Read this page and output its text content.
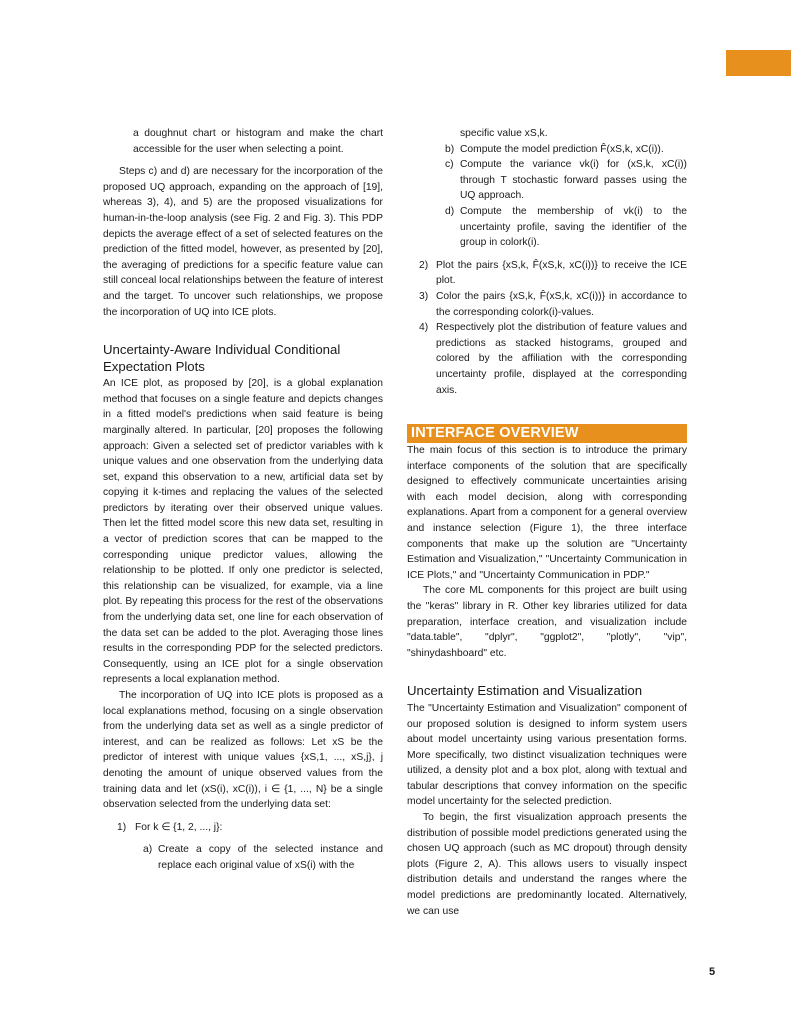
a doughnut chart or histogram and make the chart accessible for the user when selecting a point.

Steps c) and d) are necessary for the incorporation of the proposed UQ approach, expanding on the approach of [19], whereas 3), 4), and 5) are the proposed visualizations for human-in-the-loop analysis (see Fig. 2 and Fig. 3). This PDP depicts the average effect of a set of selected features on the prediction of the fitted model, however, as presented by [20], the averaging of predictions for a specific feature value can still conceal local relationships between the feature of interest and the target. To uncover such relationships, we propose the incorporation of UQ into ICE plots.

Uncertainty-Aware Individual Conditional Expectation Plots

An ICE plot, as proposed by [20], is a global explanation method that focuses on a single feature and depicts changes in a fitted model's predictions when said feature is being marginally altered. In particular, [20] proposes the following approach: Given a selected set of predictor variables with k unique values and one observation from the underlying data set, expand this observation to a new, artificial data set by copying it k-times and replacing the values of the selected predictors by iterating over their observed unique values. Then let the fitted model score this new data set, resulting in a vector of prediction scores that can be mapped to the corresponding unique predictor values, allowing the relationship to be plotted. If only one predictor is selected, this relationship can be visualized, for example, via a line plot. By repeating this process for the rest of the observations from the underlying data set, one line for each observation of the data set can be added to the plot. Averaging those lines results in the corresponding PDP for the selected predictors. Consequently, using an ICE plot for a single observation represents a local explanation method.

The incorporation of UQ into ICE plots is proposed as a local explanations method, focusing on a single observation from the underlying data set as well as a single predictor of interest, and can be realized as follows: Let xS be the predictor of interest with unique values {xS,1, ..., xS,j}, j denoting the amount of unique observed values from the training data and let (xS(i), xC(i)), i ∈ {1, ..., N} be a single observation selected from the underlying data set:

1) For k ∈ {1, 2, ..., j}:
a) Create a copy of the selected instance and replace each original value of xS(i) with the

specific value xS,k.

b) Compute the model prediction F̂(xS,k, xC(i)).
c) Compute the variance vk(i) for (xS,k, xC(i)) through T stochastic forward passes using the UQ approach.
d) Compute the membership of vk(i) to the uncertainty profile, saving the identifier of the group in colork(i).
2) Plot the pairs {xS,k, F̂(xS,k, xC(i))} to receive the ICE plot.
3) Color the pairs {xS,k, F̂(xS,k, xC(i))} in accordance to the corresponding colork(i)-values.
4) Respectively plot the distribution of feature values and predictions as stacked histograms, grouped and colored by the affiliation with the corresponding uncertainty profile, displayed at the corresponding axis.
INTERFACE OVERVIEW

The main focus of this section is to introduce the primary interface components of the solution that are specifically designed to effectively communicate uncertainties arising with each model decision, along with corresponding explanations. Apart from a component for a general overview and instance selection (Figure 1), the three interface components that make up the solution are "Uncertainty Estimation and Visualization," "Uncertainty Communication in ICE Plots," and "Uncertainty Communication in PDP."

The core ML components for this project are built using the "keras" library in R. Other key libraries utilized for data preparation, interface creation, and visualization include "data.table", "dplyr", "ggplot2", "plotly", "vip", "shinydashboard" etc.

Uncertainty Estimation and Visualization

The "Uncertainty Estimation and Visualization" component of our proposed solution is designed to inform system users about model uncertainty using various presentation forms. More specifically, two distinct visualization techniques were utilized, a density plot and a box plot, along with textual and tabular descriptions that convey information on the specific model uncertainty for the selected prediction.

To begin, the first visualization approach presents the distribution of possible model predictions generated using the chosen UQ approach (such as MC dropout) through density plots (Figure 2, A). This allows users to visually inspect distribution details and understand the ranges where the model predictions are predominantly located. Alternatively, we can use

5
